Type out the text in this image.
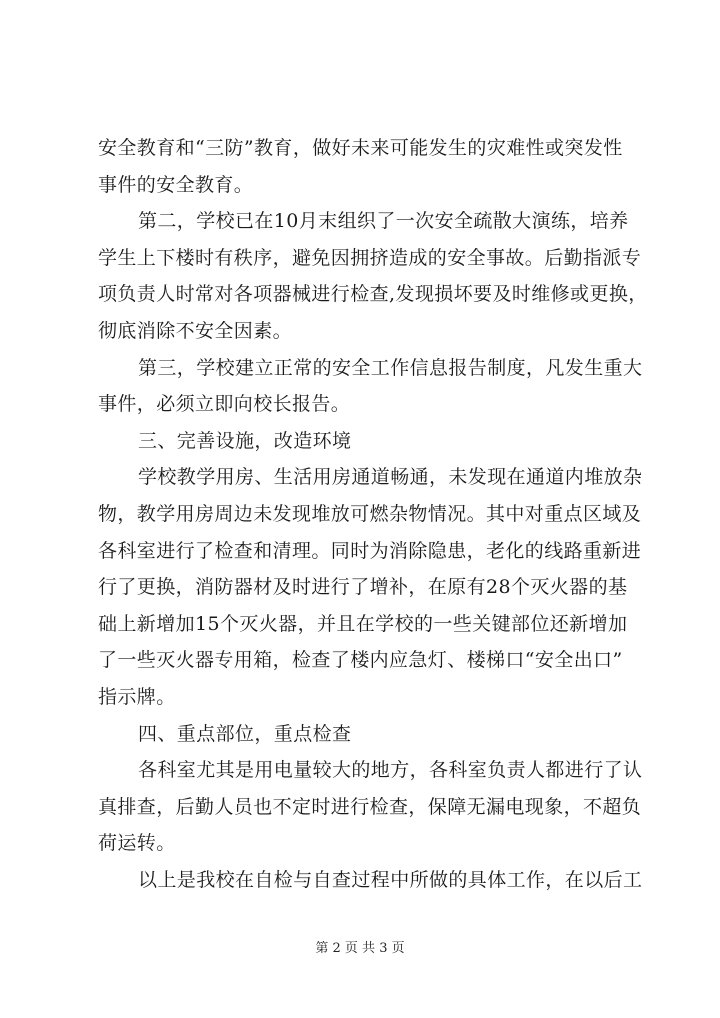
安全教育和“三防”教育，做好未来可能发生的灾难性或突发性
事件的安全教育。
第二，学校已在10月末组织了一次安全疏散大演练，培养
学生上下楼时有秩序，避免因拥挤造成的安全事故。后勤指派专
项负责人时常对各项器械进行检查,发现损坏要及时维修或更换，
彻底消除不安全因素。
第三，学校建立正常的安全工作信息报告制度，凡发生重大
事件，必须立即向校长报告。
三、完善设施，改造环境
学校教学用房、生活用房通道畅通，未发现在通道内堆放杂
物，教学用房周边未发现堆放可燃杂物情况。其中对重点区域及
各科室进行了检查和清理。同时为消除隐患，老化的线路重新进
行了更换，消防器材及时进行了增补，在原有28个灭火器的基
础上新增加15个灭火器，并且在学校的一些关键部位还新增加
了一些灭火器专用箱，检查了楼内应急灯、楼梯口“安全出口”
指示牌。
四、重点部位，重点检查
各科室尤其是用电量较大的地方，各科室负责人都进行了认
真排查，后勤人员也不定时进行检查，保障无漏电现象，不超负
荷运转。
以上是我校在自检与自查过程中所做的具体工作，在以后工
第 2 页 共 3 页
